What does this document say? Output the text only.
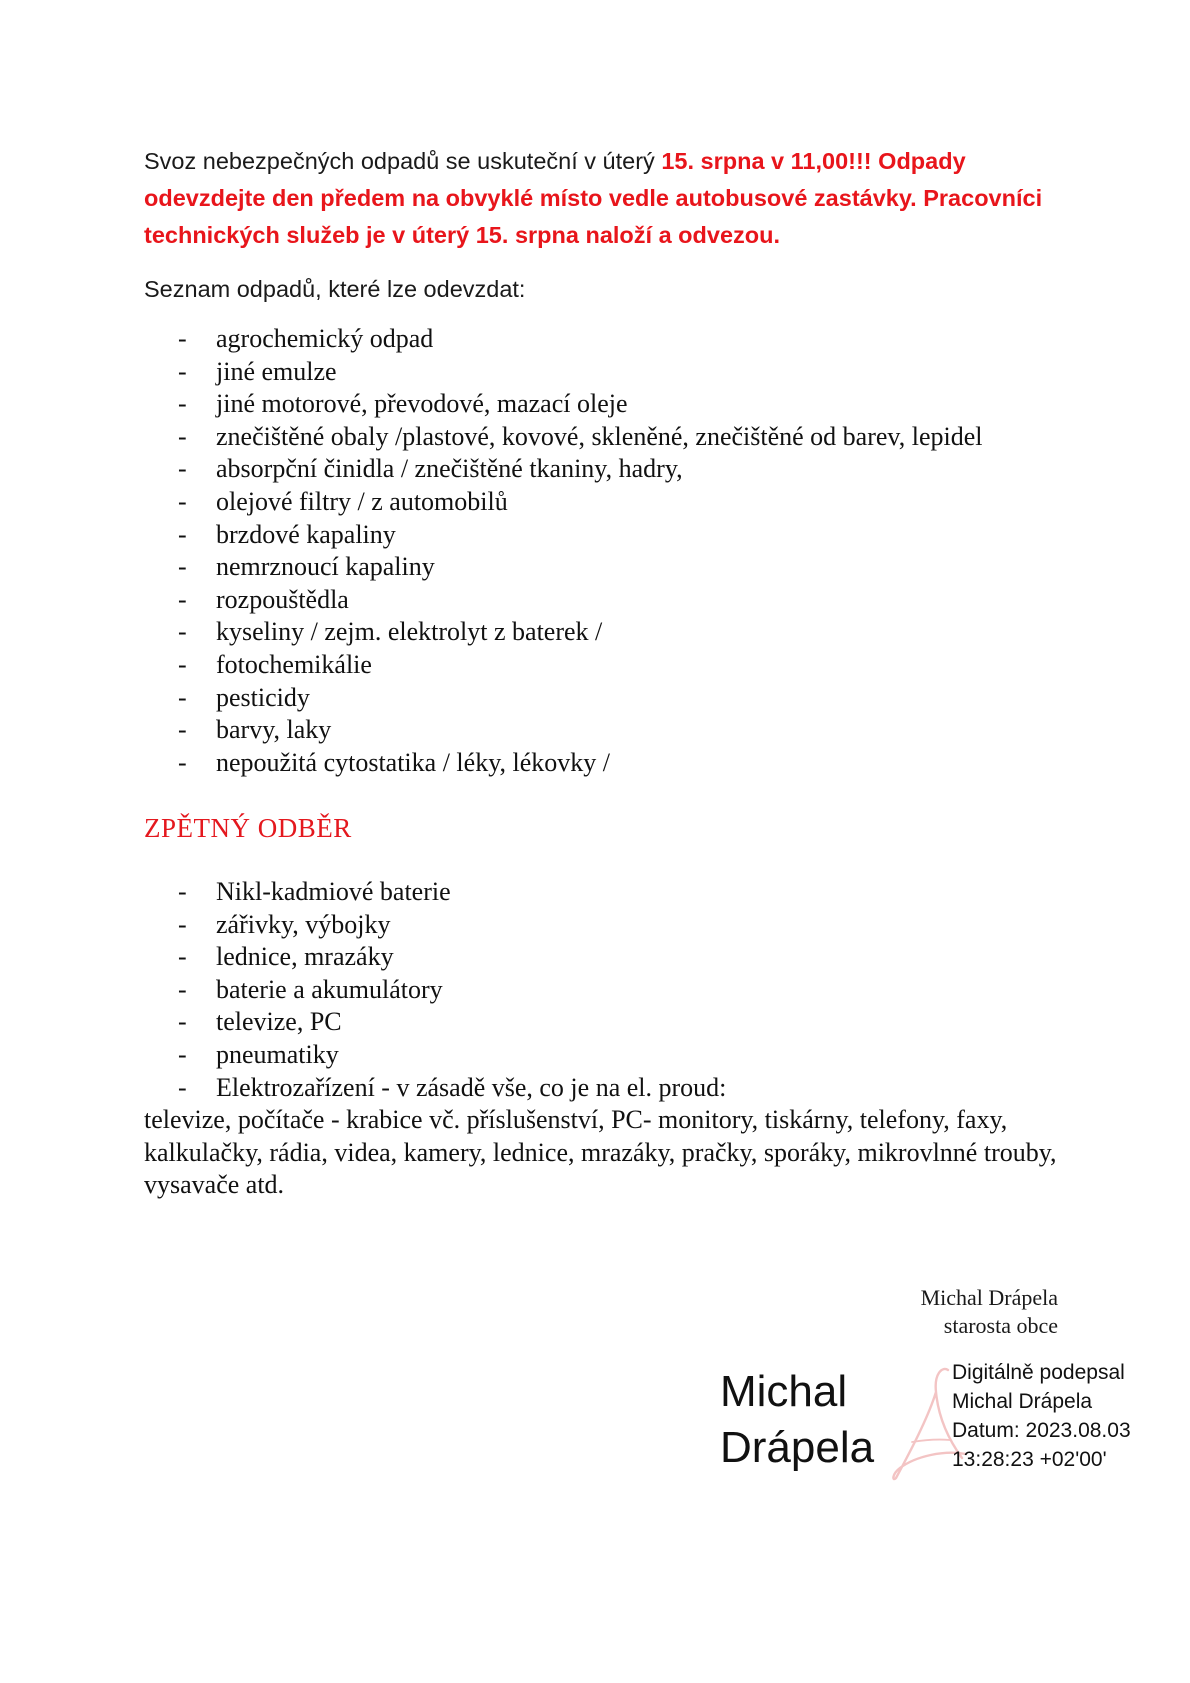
Svoz nebezpečných odpadů se uskuteční v úterý 15. srpna v 11,00!!! Odpady odevzdejte den předem na obvyklé místo vedle autobusové zastávky. Pracovníci technických služeb je v úterý 15. srpna naloží a odvezou.

Seznam odpadů, které lze odevzdat:
- agrochemický odpad
- jiné emulze
- jiné motorové, převodové, mazací oleje
- znečištěné obaly /plastové, kovové, skleněné, znečištěné od barev, lepidel
- absorpční činidla / znečištěné tkaniny, hadry,
- olejové filtry / z automobilů
- brzdové kapaliny
- nemrznoucí kapaliny
- rozpouštědla
- kyseliny / zejm. elektrolyt z baterek /
- fotochemikálie
- pesticidy
- barvy, laky
- nepoužitá cytostatika / léky, lékovky /
ZPĚTNÝ ODBĚR
- Nikl-kadmiové baterie
- zářivky, výbojky
- lednice, mrazáky
- baterie a akumulátory
- televize, PC
- pneumatiky
- Elektrozařízení - v zásadě vše, co je na el. proud:

televize, počítače - krabice vč. příslušenství, PC- monitory, tiskárny, telefony, faxy, kalkulačky, rádia, videa, kamery, lednice, mrazáky, pračky, sporáky, mikrovlnné trouby, vysavače atd.

Michal Drápela
starosta obce
Michal
Drápela
Digitálně podepsal
Michal Drápela
Datum: 2023.08.03
13:28:23 +02'00'
